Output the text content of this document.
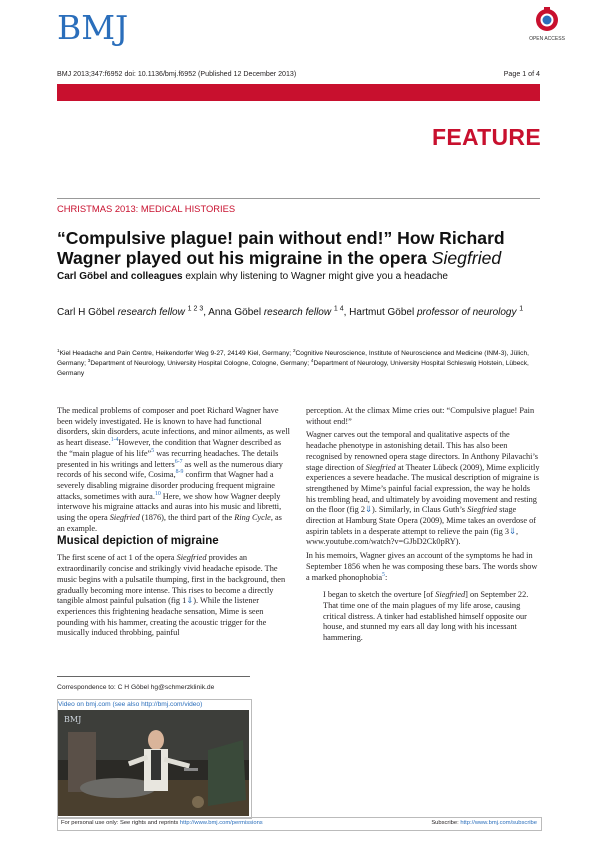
BMJ	OPEN ACCESS
BMJ 2013;347:f6952 doi: 10.1136/bmj.f6952 (Published 12 December 2013)	Page 1 of 4
FEATURE
CHRISTMAS 2013: MEDICAL HISTORIES
“Compulsive plague! pain without end!” How Richard Wagner played out his migraine in the opera Siegfried
Carl Göbel and colleagues explain why listening to Wagner might give you a headache
Carl H Göbel research fellow $^{1 2 3}$, Anna Göbel research fellow $^{1 4}$, Hartmut Göbel professor of neurology $^1$
$^1$Kiel Headache and Pain Centre, Heikendorfer Weg 9-27, 24149 Kiel, Germany; $^2$Cognitive Neuroscience, Institute of Neuroscience and Medicine (INM-3), Jülich, Germany; $^3$Department of Neurology, University Hospital Cologne, Cologne, Germany; $^4$Department of Neurology, University Hospital Schleswig Holstein, Lübeck, Germany

The medical problems of composer and poet Richard Wagner have been widely investigated. He is known to have had functional disorders, skin disorders, acute infections, and minor ailments, as well as heart disease.$^{1-4}$However, the condition that Wagner described as the “main plague of his life”$^5$ was recurring headaches. The details presented in his writings and letters$^{6-7}$ as well as the numerous diary records of his second wife, Cosima,$^{8-9}$ confirm that Wagner had a severely disabling migraine disorder producing frequent migraine attacks, sometimes with aura.$^{10}$ Here, we show how Wagner deeply interwove his migraine attacks and auras into his music and libretti, using the opera Siegfried (1876), the third part of the Ring Cycle, as an example.

Musical depiction of migraine

The first scene of act 1 of the opera Siegfried provides an extraordinarily concise and strikingly vivid headache episode. The music begins with a pulsatile thumping, first in the background, then gradually becoming more intense. This rises to become a directly tangible almost painful pulsation (fig 1⇓). While the listener experiences this frightening headache sensation, Mime is seen pounding with his hammer, creating the acoustic trigger for the musically induced throbbing, painful

perception. At the climax Mime cries out: “Compulsive plague! Pain without end!”

Wagner carves out the temporal and qualitative aspects of the headache phenotype in astonishing detail. This has also been recognised by renowned opera stage directors. In Anthony Pilavachi’s stage direction of Siegfried at Theater Lübeck (2009), Mime explicitly experiences a severe headache. The musical description of migraine is strengthened by Mime’s painful facial expression, the way he holds his trembling head, and ultimately by avoiding movement and resting on the floor (fig 2⇓). Similarly, in Claus Guth’s Siegfried stage direction at Hamburg State Opera (2009), Mime takes an overdose of aspirin tablets in a desperate attempt to relieve the pain (fig 3⇓, www.youtube.com/watch?v=GJbD2Ck0pRY).

In his memoirs, Wagner gives an account of the symptoms he had in September 1856 when he was composing these bars. The words show a marked phonophobia$^5$:

I began to sketch the overture [of Siegfried] on September 22. That time one of the main plagues of my life arose, causing critical distress. A tinker had established himself opposite our house, and stunned my ears all day long with his incessant hammering.

Correspondence to: C H Göbel hg@schmerzklinik.de
Video on bmj.com (see also http://bmj.com/video)
BMJ
For personal use only: See rights and reprints http://www.bmj.com/permissions	Subscribe: http://www.bmj.com/subscribe
